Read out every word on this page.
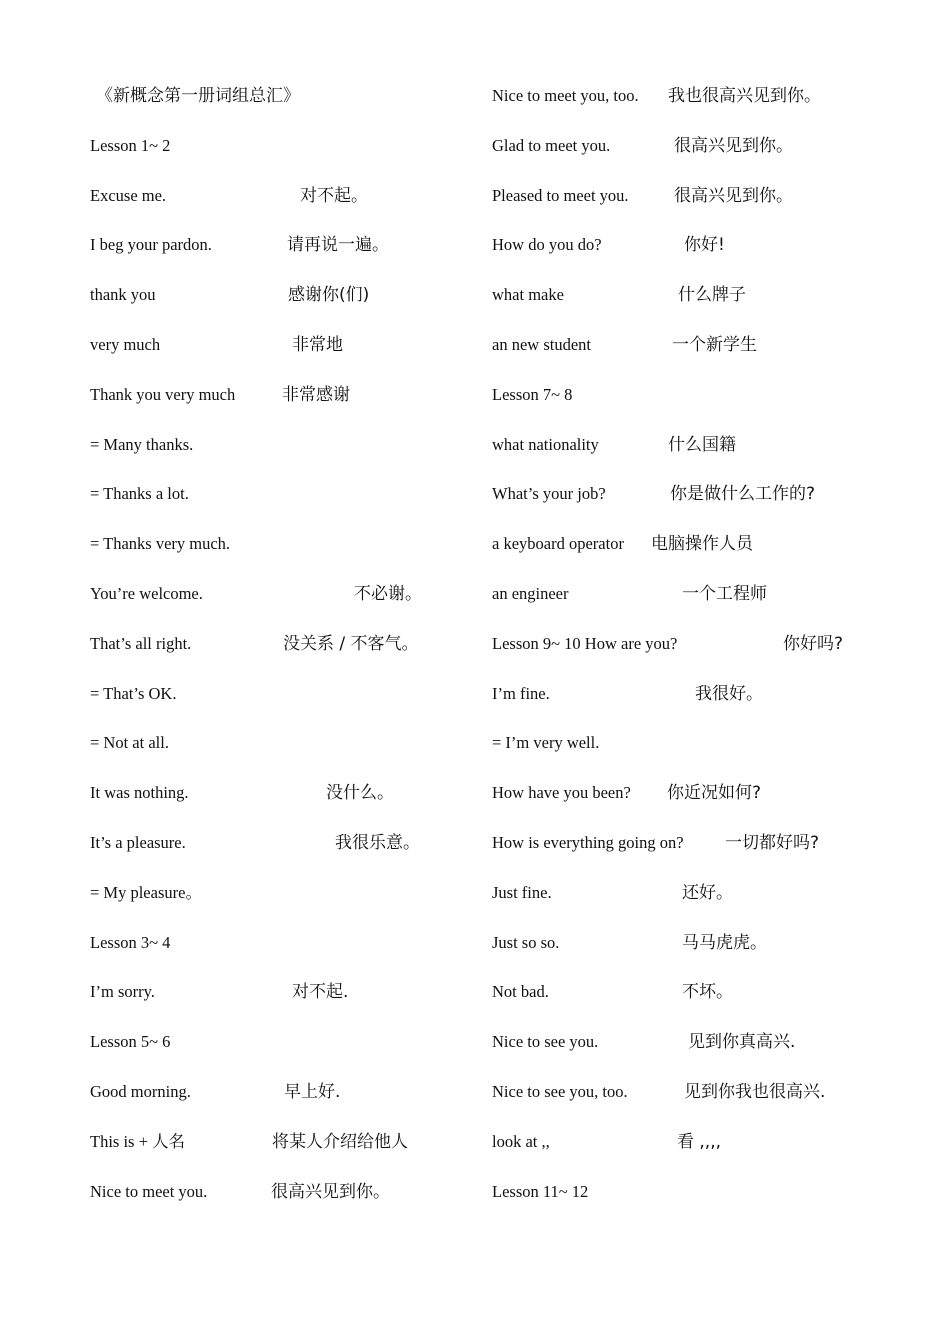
《新概念第一册词组总汇》
Lesson 1~ 2
Excuse me.	对不起。
I beg your pardon.	请再说一遍。
thank you	感谢你(们)
very much	非常地
Thank you very much	非常感谢
= Many thanks.
= Thanks a lot.
= Thanks very much.
You’re welcome.	不必谢。
That’s all right.	没关系 / 不客气。
= That’s OK.
= Not at all.
It was nothing.	没什么。
It’s a pleasure.	我很乐意。
= My pleasure。
Lesson 3~ 4
I’m sorry.	对不起.
Lesson 5~ 6
Good morning.	早上好.
This is + 人名	将某人介绍给他人
Nice to meet you.	很高兴见到你。
Nice to meet you, too. 我也很高兴见到你。
Glad to meet you.	很高兴见到你。
Pleased to meet you.	很高兴见到你。
How do you do?	你好!
what make	什么牌子
an new student	一个新学生
Lesson 7~ 8
what nationality	什么国籍
What’s your job?	你是做什么工作的?
a keyboard operator 电脑操作人员
an engineer	一个工程师
Lesson 9~ 10 How are you?	你好吗?
I’m fine.	我很好。
= I’m very well.
How have you been? 你近况如何?
How is everything going on? 一切都好吗?
Just fine.	还好。
Just so so.	马马虎虎。
Not bad.	不坏。
Nice to see you.	见到你真高兴.
Nice to see you, too.	见到你我也很高兴.
look at ,,	看 ,,,,
Lesson 11~ 12
